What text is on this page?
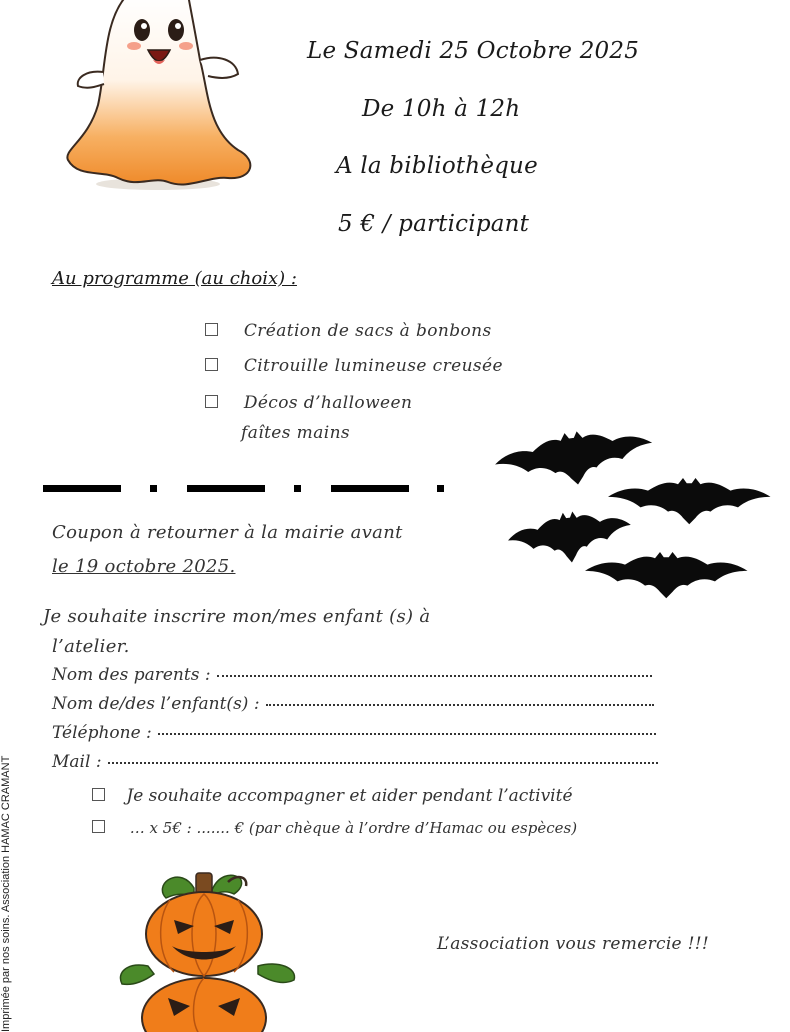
Le Samedi 25 Octobre 2025
De 10h à 12h
A la bibliothèque
5 € / participant
Au programme (au choix) :
Création de sacs à bonbons
Citrouille lumineuse creusée
Décos d’halloween
faîtes mains
Coupon à retourner à la mairie avant
le 19 octobre 2025.
Je souhaite inscrire mon/mes enfant (s) à
l’atelier.
Nom des parents :
Nom de/des l’enfant(s) :
Téléphone :
Mail :
Je souhaite accompagner et aider pendant l’activité
… x 5€ : ....... € (par chèque à l’ordre d’Hamac ou espèces)
L’association vous remercie !!!
Imprimée par nos soins. Association HAMAC CRAMANT
